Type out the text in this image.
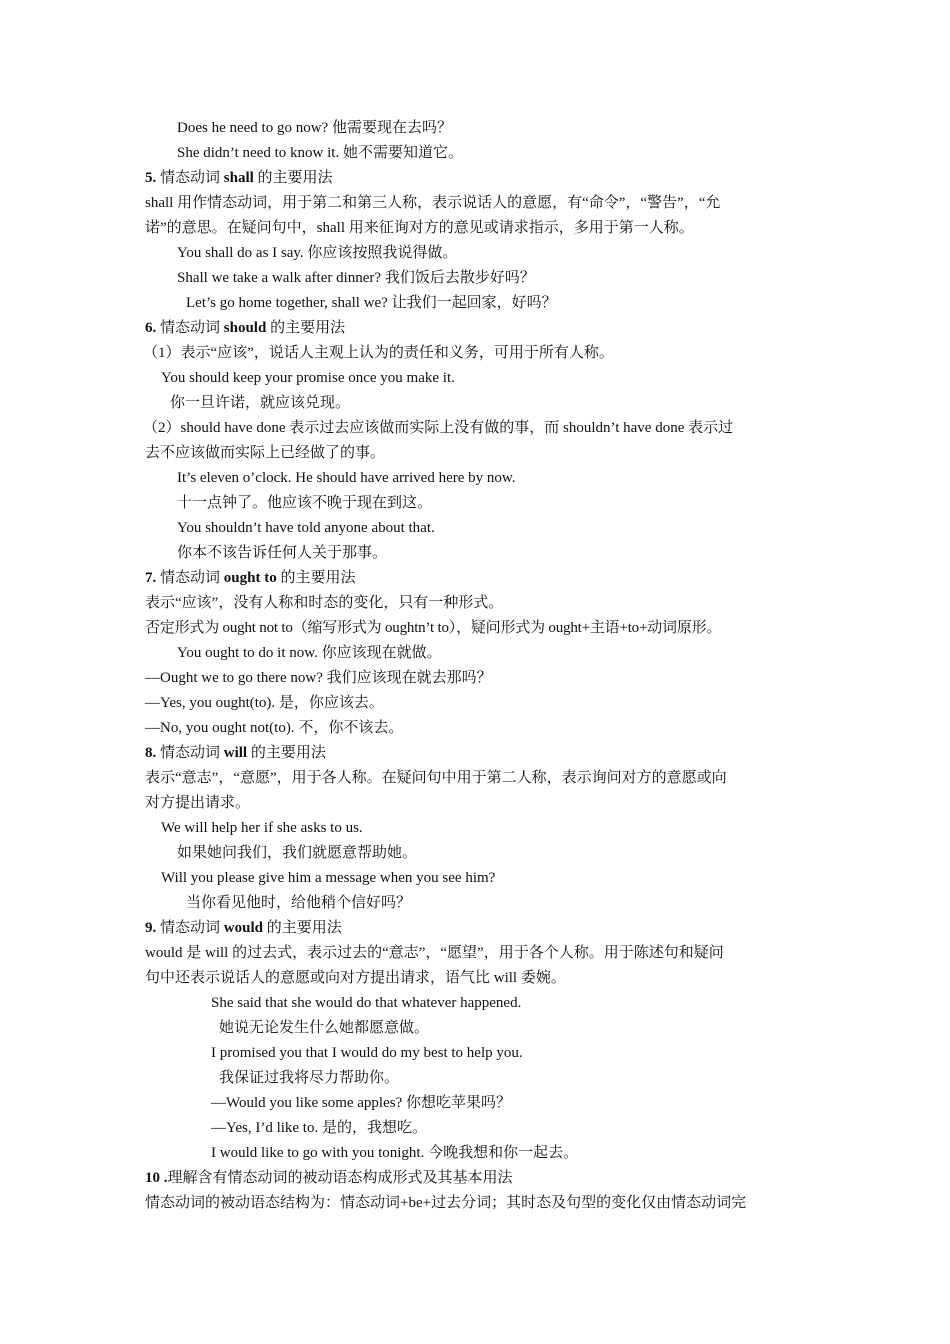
Does he need to go now? 他需要现在去吗？
She didn’t need to know it. 她不需要知道它。
5. 情态动词 shall 的主要用法
shall 用作情态动词，用于第二和第三人称，表示说话人的意愿，有“命令”，“警告”，“允
诺”的意思。在疑问句中，shall 用来征询对方的意见或请求指示，多用于第一人称。
You shall do as I say. 你应该按照我说得做。
Shall we take a walk after dinner? 我们饭后去散步好吗？
Let’s go home together, shall we? 让我们一起回家，好吗？
6. 情态动词 should 的主要用法
（1）表示“应该”，说话人主观上认为的责任和义务，可用于所有人称。
You should keep your promise once you make it.
你一旦许诺，就应该兑现。
（2）should have done 表示过去应该做而实际上没有做的事，而 shouldn’t have done 表示过
去不应该做而实际上已经做了的事。
It’s eleven o’clock. He should have arrived here by now.
十一点钟了。他应该不晚于现在到这。
You shouldn’t have told anyone about that.
你本不该告诉任何人关于那事。
7. 情态动词 ought to 的主要用法
表示“应该”，没有人称和时态的变化，只有一种形式。
否定形式为 ought not to（缩写形式为 oughtn’t to），疑问形式为 ought+主语+to+动词原形。
You ought to do it now. 你应该现在就做。
—Ought we to go there now? 我们应该现在就去那吗？
—Yes, you ought(to). 是，你应该去。
—No, you ought not(to). 不，你不该去。
8. 情态动词 will 的主要用法
表示“意志”，“意愿”，用于各人称。在疑问句中用于第二人称，表示询问对方的意愿或向
对方提出请求。
We will help her if she asks to us.
如果她问我们，我们就愿意帮助她。
Will you please give him a message when you see him?
当你看见他时，给他稍个信好吗？
9. 情态动词 would 的主要用法
would 是 will 的过去式，表示过去的“意志”，“愿望”，用于各个人称。用于陈述句和疑问
句中还表示说话人的意愿或向对方提出请求，语气比 will 委婉。
She said that she would do that whatever happened.
她说无论发生什么她都愿意做。
I promised you that I would do my best to help you.
我保证过我将尽力帮助你。
—Would you like some apples? 你想吃苹果吗？
—Yes, I’d like to. 是的，我想吃。
I would like to go with you tonight. 今晚我想和你一起去。
10 .理解含有情态动词的被动语态构成形式及其基本用法
情态动词的被动语态结构为：情态动词+be+过去分词；其时态及句型的变化仅由情态动词完
